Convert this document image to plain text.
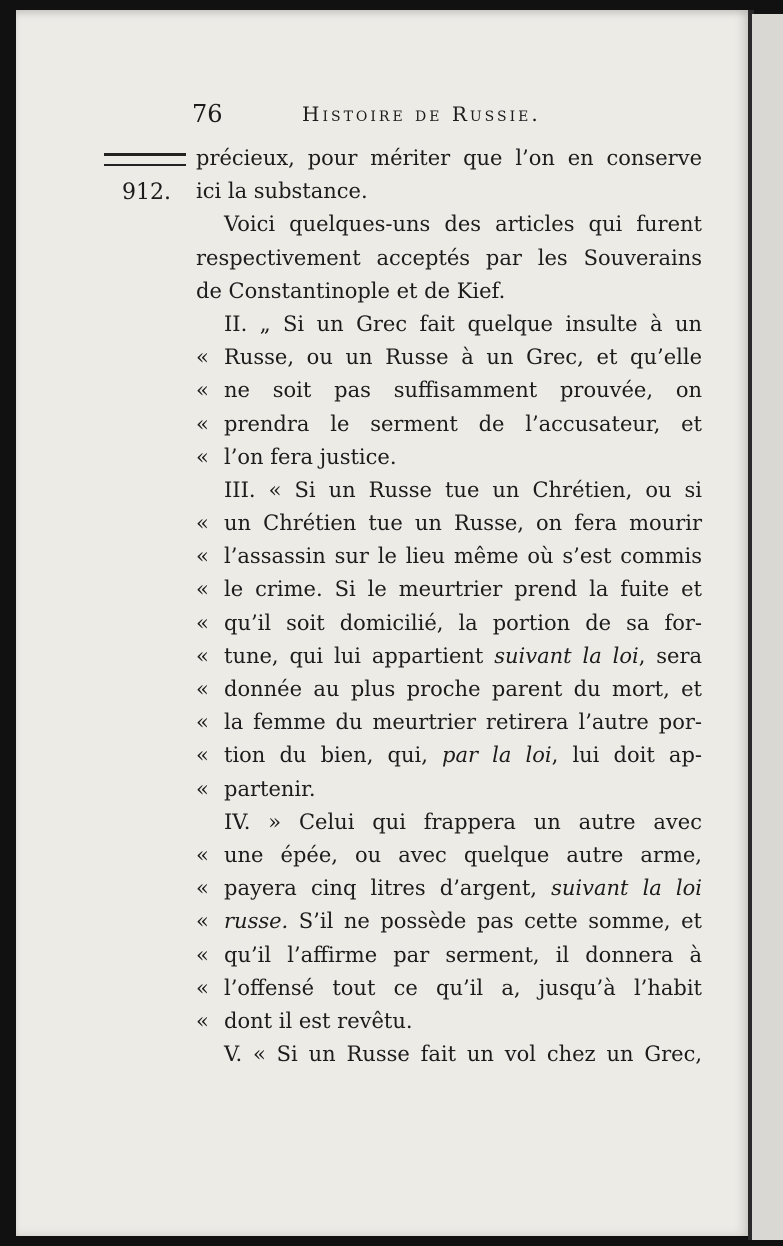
76	Histoire de Russie.
912.
précieux, pour mériter que l’on en conserve
ici la substance.
Voici quelques-uns des articles qui furent
respectivement acceptés par les Souverains
de Constantinople et de Kief.
II. „ Si un Grec fait quelque insulte à un
« Russe, ou un Russe à un Grec, et qu’elle
« ne soit pas suffisamment prouvée, on
« prendra le serment de l’accusateur, et
« l’on fera justice.
III. « Si un Russe tue un Chrétien, ou si
« un Chrétien tue un Russe, on fera mourir
« l’assassin sur le lieu même où s’est commis
« le crime. Si le meurtrier prend la fuite et
« qu’il soit domicilié, la portion de sa for-
« tune, qui lui appartient suivant la loi, sera
« donnée au plus proche parent du mort, et
« la femme du meurtrier retirera l’autre por-
« tion du bien, qui, par la loi, lui doit ap-
« partenir.
IV. » Celui qui frappera un autre avec
« une épée, ou avec quelque autre arme,
« payera cinq litres d’argent, suivant la loi
« russe. S’il ne possède pas cette somme, et
« qu’il l’affirme par serment, il donnera à
« l’offensé tout ce qu’il a, jusqu’à l’habit
« dont il est revêtu.
V. « Si un Russe fait un vol chez un Grec,
